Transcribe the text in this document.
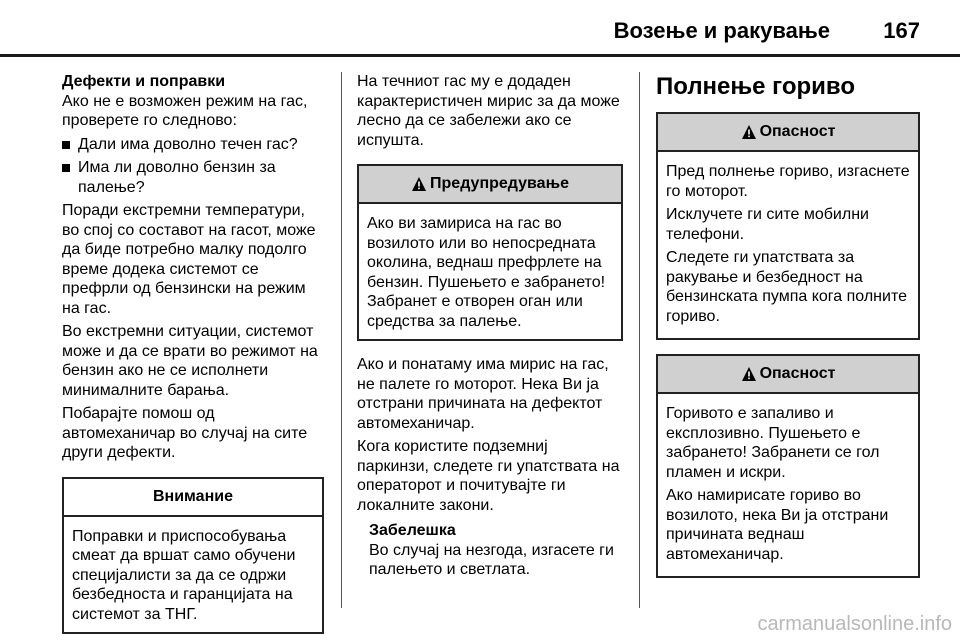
Возење и ракување 167
Дефекти и поправки
Ако не е возможен режим на гас, проверете го следново:
Дали има доволно течен гас?
Има ли доволно бензин за палење?
Поради екстремни температури, во спој со составот на гасот, може да биде потребно малку подолго време додека системот се префрли од бензински на режим на гас.
Во екстремни ситуации, системот може и да се врати во режимот на бензин ако не се исполнети минималните барања.
Побарајте помош од автомеханичар во случај на сите други дефекти.
Внимание
Поправки и приспособувања смеат да вршат само обучени специјалисти за да се одржи безбедноста и гаранцијата на системот за ТНГ.
На течниот гас му е додаден карактеристичен мирис за да може лесно да се забележи ако се испушта.
Предупредување
Ако ви замириса на гас во возилото или во непосредната околина, веднаш префрлете на бензин. Пушењето е забрането! Забранет е отворен оган или средства за палење.
Ако и понатаму има мирис на гас, не палете го моторот. Нека Ви ја отстрани причината на дефектот автомеханичар.
Кога користите подземниј паркинзи, следете ги упатствата на операторот и почитувајте ги локалните закони.
Забелешка
Во случај на незгода, изгасете ги палењето и светлата.
Полнење гориво
Опасност
Пред полнење гориво, изгаснете го моторот.
Исклучете ги сите мобилни телефони.
Следете ги упатствата за ракување и безбедност на бензинската пумпа кога полните гориво.
Опасност
Горивото е запаливо и експлозивно. Пушењето е забрането! Забранети се гол пламен и искри.
Ако намирисате гориво во возилото, нека Ви ја отстрани причината веднаш автомеханичар.
carmanualsonline.info
